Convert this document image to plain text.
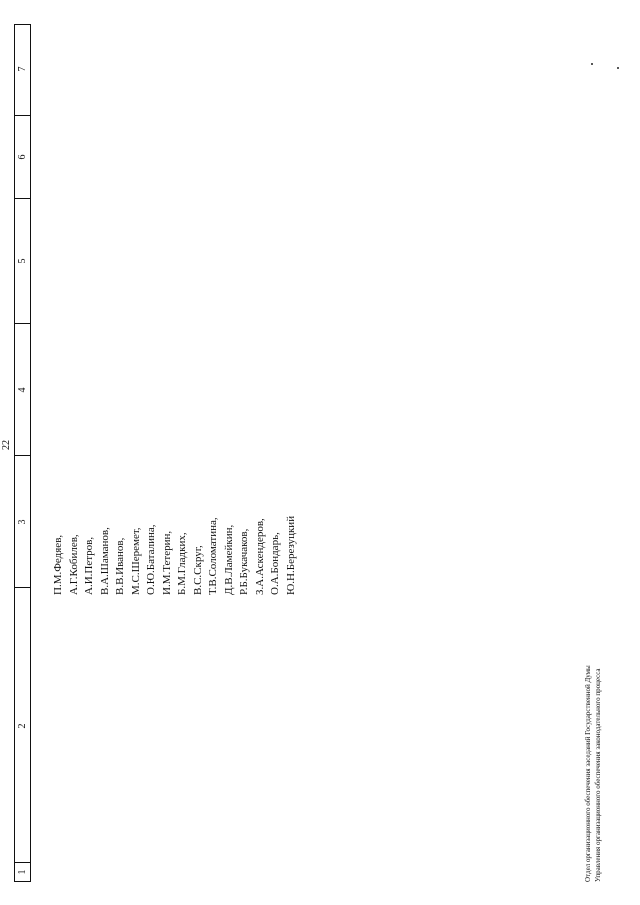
22
1
2
3
4
5
6
7
П.М.Федяев, А.Г.Кобилев, А.И.Петров, В.А.Шаманов, В.В.Иванов, М.С.Шеремет, О.Ю.Баталина, И.М.Тетерин, Б.М.Гладких, В.С.Скруг, Т.В.Соломатина, Д.В.Ламейкин, Р.Б.Букачаков, З.А.Аскендеров, О.А.Бондарь, Ю.Н.Березуцкий
Отдел организационного обеспечения заседаний Государственной Думы Управления организационного обеспечения законодательного процесса
